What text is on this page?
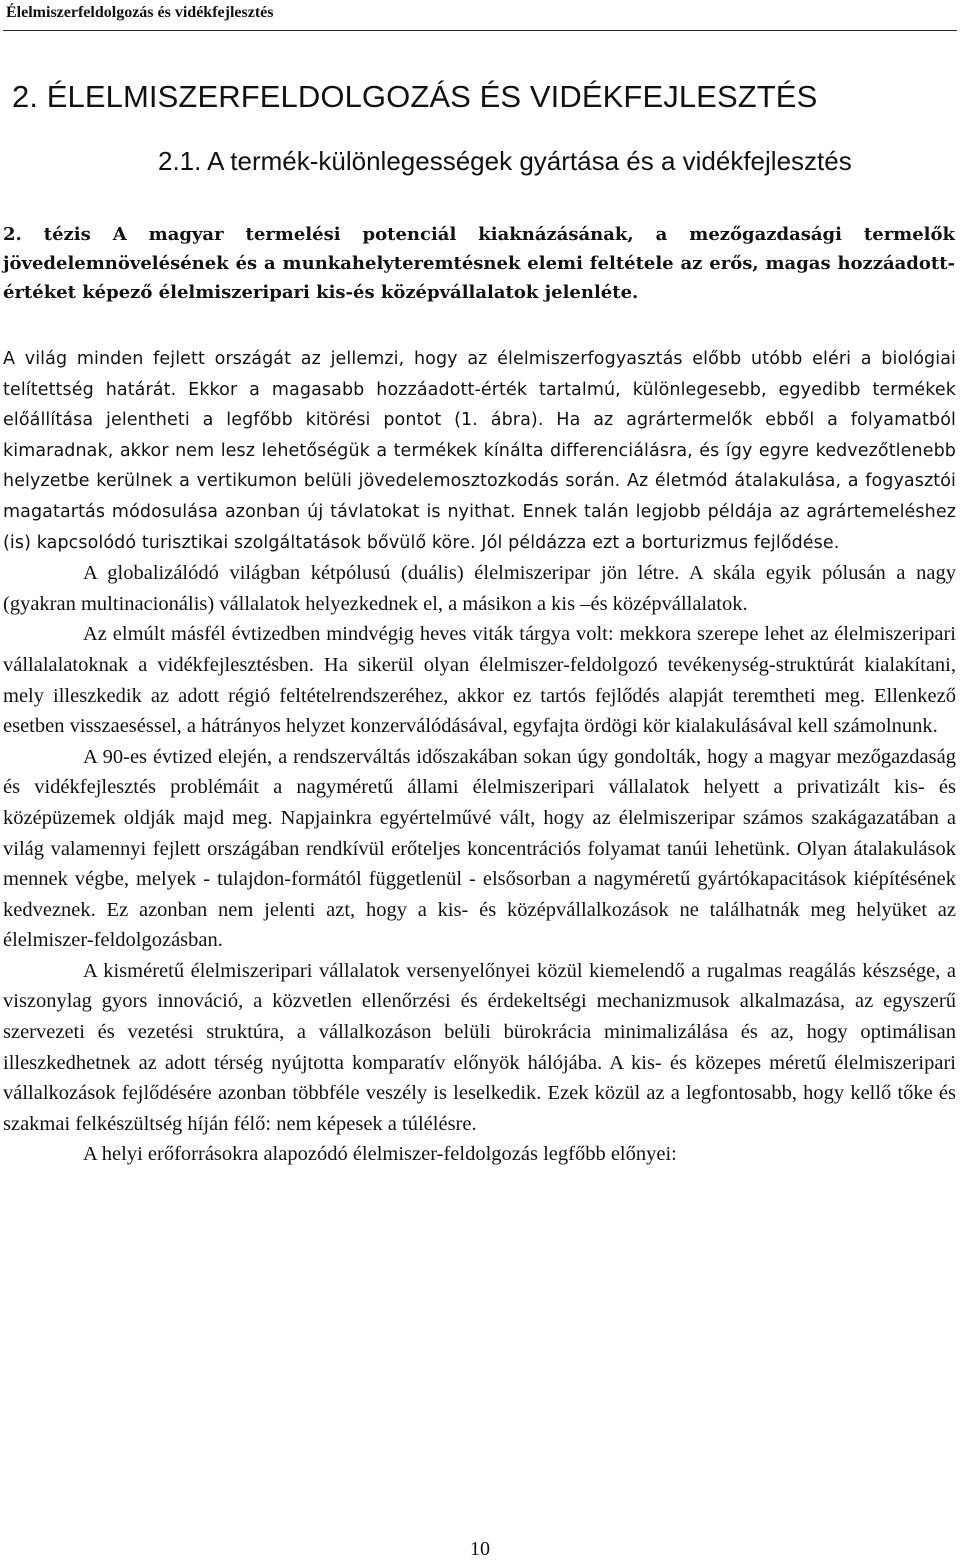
Élelmiszerfeldolgozás és vidékfejlesztés
2. ÉLELMISZERFELDOLGOZÁS ÉS VIDÉKFEJLESZTÉS
2.1. A termék-különlegességek gyártása és a vidékfejlesztés

2. tézis A magyar termelési potenciál kiaknázásának, a mezőgazdasági termelők jövedelemnövelésének és a munkahelyteremtésnek elemi feltétele az erős, magas hozzáadott-értéket képező élelmiszeripari kis-és középvállalatok jelenléte.

A világ minden fejlett országát az jellemzi, hogy az élelmiszerfogyasztás előbb utóbb eléri a biológiai telítettség határát. Ekkor a magasabb hozzáadott-érték tartalmú, különlegesebb, egyedibb termékek előállítása jelentheti a legfőbb kitörési pontot (1. ábra). Ha az agrártermelők ebből a folyamatból kimaradnak, akkor nem lesz lehetőségük a termékek kínálta differenciálásra, és így egyre kedvezőtlenebb helyzetbe kerülnek a vertikumon belüli jövedelemosztozkodás során. Az életmód átalakulása, a fogyasztói magatartás módosulása azonban új távlatokat is nyithat. Ennek talán legjobb példája az agrártemeléshez (is) kapcsolódó turisztikai szolgáltatások bővülő köre. Jól példázza ezt a borturizmus fejlődése.

A globalizálódó világban kétpólusú (duális) élelmiszeripar jön létre. A skála egyik pólusán a nagy (gyakran multinacionális) vállalatok helyezkednek el, a másikon a kis –és középvállalatok.

Az elmúlt másfél évtizedben mindvégig heves viták tárgya volt: mekkora szerepe lehet az élelmiszeripari vállalalatoknak a vidékfejlesztésben. Ha sikerül olyan élelmiszer-feldolgozó tevékenység-struktúrát kialakítani, mely illeszkedik az adott régió feltételrendszeréhez, akkor ez tartós fejlődés alapját teremtheti meg. Ellenkező esetben visszaeséssel, a hátrányos helyzet konzerválódásával, egyfajta ördögi kör kialakulásával kell számolnunk.

A 90-es évtized elején, a rendszerváltás időszakában sokan úgy gondolták, hogy a magyar mezőgazdaság és vidékfejlesztés problémáit a nagyméretű állami élelmiszeripari vállalatok helyett a privatizált kis- és középüzemek oldják majd meg. Napjainkra egyértelművé vált, hogy az élelmiszeripar számos szakágazatában a világ valamennyi fejlett országában rendkívül erőteljes koncentrációs folyamat tanúi lehetünk. Olyan átalakulások mennek végbe, melyek - tulajdon-formától függetlenül - elsősorban a nagyméretű gyártókapacitások kiépítésének kedveznek. Ez azonban nem jelenti azt, hogy a kis- és középvállalkozások ne találhatnák meg helyüket az élelmiszer-feldolgozásban.

A kisméretű élelmiszeripari vállalatok versenyelőnyei közül kiemelendő a rugalmas reagálás készsége, a viszonylag gyors innováció, a közvetlen ellenőrzési és érdekeltségi mechanizmusok alkalmazása, az egyszerű szervezeti és vezetési struktúra, a vállalkozáson belüli bürokrácia minimalizálása és az, hogy optimálisan illeszkedhetnek az adott térség nyújtotta komparatív előnyök hálójába. A kis- és közepes méretű élelmiszeripari vállalkozások fejlődésére azonban többféle veszély is leselkedik. Ezek közül az a legfontosabb, hogy kellő tőke és szakmai felkészültség híján félő: nem képesek a túlélésre.

A helyi erőforrásokra alapozódó élelmiszer-feldolgozás legfőbb előnyei:

10
